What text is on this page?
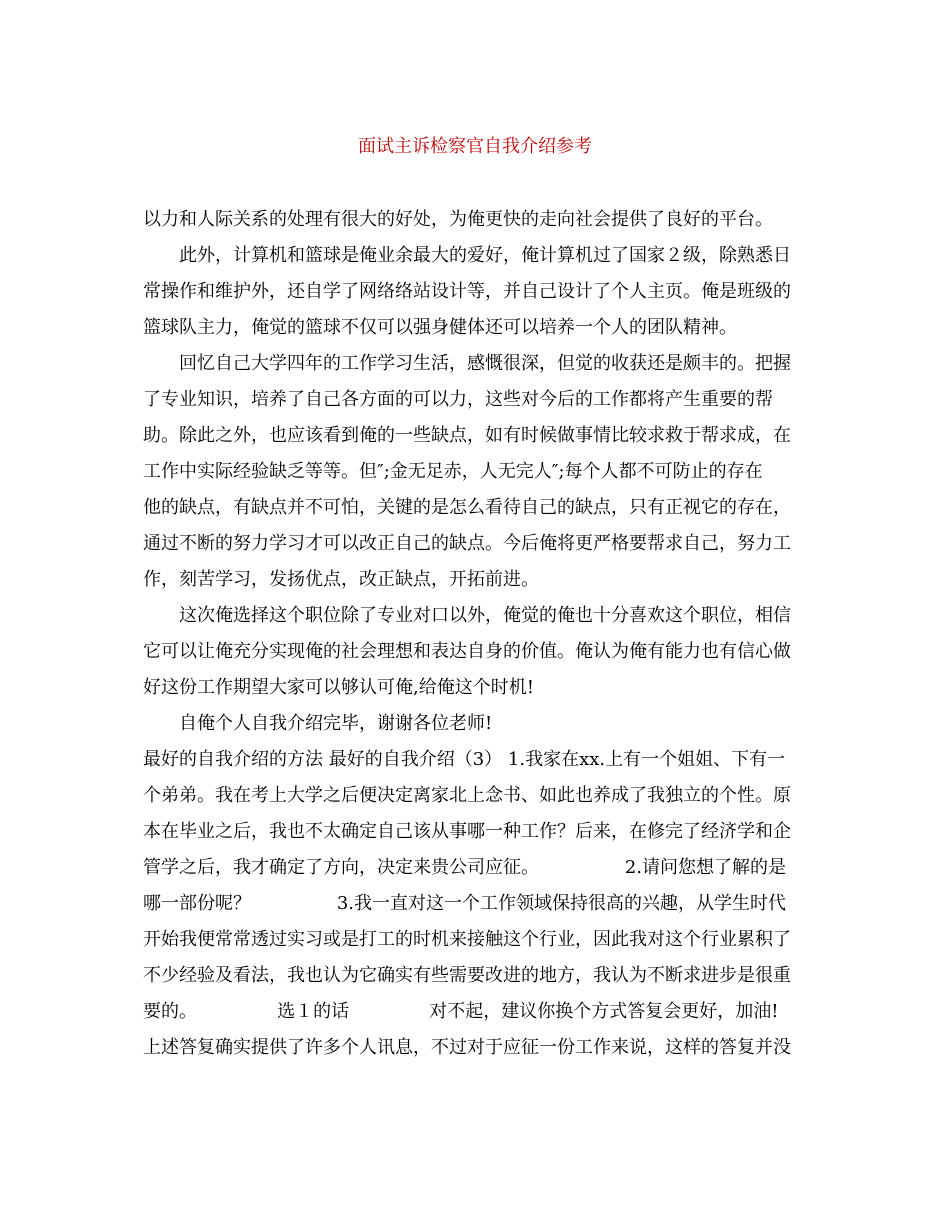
面试主诉检察官自我介绍参考
以力和人际关系的处理有很大的好处，为俺更快的走向社会提供了良好的平台。
　　此外，计算机和篮球是俺业余最大的爱好，俺计算机过了国家２级，除熟悉日
常操作和维护外，还自学了网络络站设计等，并自己设计了个人主页。俺是班级的
篮球队主力，俺觉的篮球不仅可以强身健体还可以培养一个人的团队精神。
　　回忆自己大学四年的工作学习生活，感慨很深，但觉的收获还是颇丰的。把握
了专业知识，培养了自己各方面的可以力，这些对今后的工作都将产生重要的帮
助。除此之外，也应该看到俺的一些缺点，如有时候做事情比较求救于帮求成，在
工作中实际经验缺乏等等。但″;金无足赤，人无完人″;每个人都不可防止的存在
他的缺点，有缺点并不可怕，关键的是怎么看待自己的缺点，只有正视它的存在，
通过不断的努力学习才可以改正自己的缺点。今后俺将更严格要帮求自己，努力工
作，刻苦学习，发扬优点，改正缺点，开拓前进。
　　这次俺选择这个职位除了专业对口以外，俺觉的俺也十分喜欢这个职位，相信
它可以让俺充分实现俺的社会理想和表达自身的价值。俺认为俺有能力也有信心做
好这份工作期望大家可以够认可俺,给俺这个时机!
　　自俺个人自我介绍完毕，谢谢各位老师!
最好的自我介绍的方法 最好的自我介绍（3） 1.我家在xx.上有一个姐姐、下有一
个弟弟。我在考上大学之后便决定离家北上念书、如此也养成了我独立的个性。原
本在毕业之后，我也不太确定自己该从事哪一种工作？后来，在修完了经济学和企
管学之后，我才确定了方向，决定来贵公司应征。               2.请问您想了解的是
哪一部份呢？               3.我一直对这一个工作领域保持很高的兴趣，从学生时代
开始我便常常透过实习或是打工的时机来接触这个行业，因此我对这个行业累积了
不少经验及看法，我也认为它确实有些需要改进的地方，我认为不断求进步是很重
要的。              选１的话              对不起，建议你换个方式答复会更好，加油!
上述答复确实提供了许多个人讯息，不过对于应征一份工作来说，这样的答复并没
